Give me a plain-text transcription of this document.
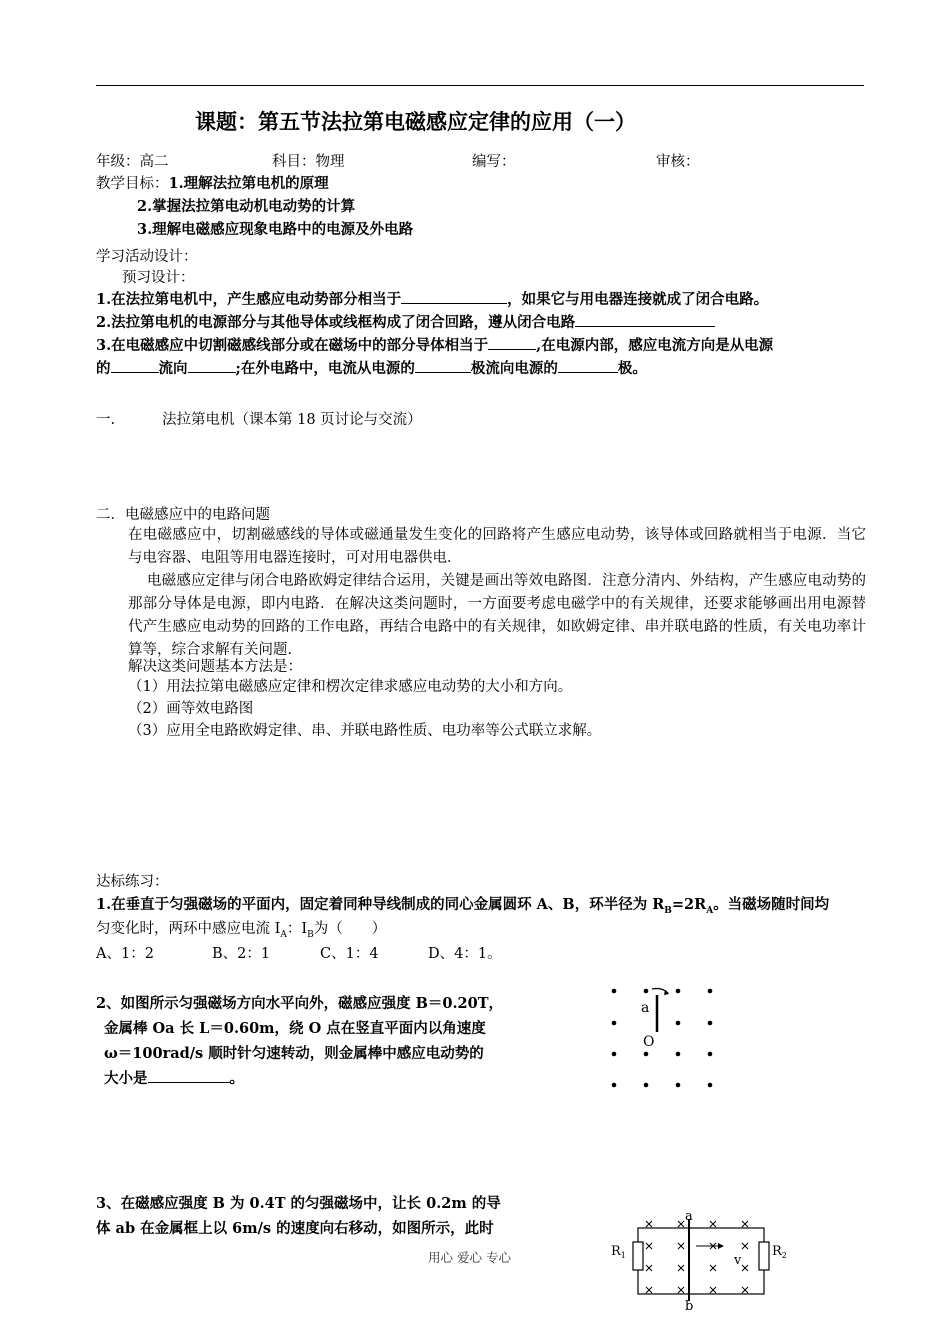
课题：第五节法拉第电磁感应定律的应用（一）
年级：高二	科目：物理	编写：	审核：
教学目标：1.理解法拉第电机的原理
2.掌握法拉第电动机电动势的计算
3.理解电磁感应现象电路中的电源及外电路
学习活动设计：
预习设计：
1.在法拉第电机中，产生感应电动势部分相当于	，如果它与用电器连接就成了闭合电路。
2.法拉第电机的电源部分与其他导体或线框构成了闭合回路，遵从闭合电路
3.在电磁感应中切割磁感线部分或在磁场中的部分导体相当于	,在电源内部，感应电流方向是从电源
的	流向	;在外电路中，电流从电源的	极流向电源的	极。
一.	法拉第电机（课本第 18 页讨论与交流）
二．电磁感应中的电路问题
在电磁感应中，切割磁感线的导体或磁通量发生变化的回路将产生感应电动势，该导体或回路就相当于电源．当它与电容器、电阻等用电器连接时，可对用电器供电．
电磁感应定律与闭合电路欧姆定律结合运用，关键是画出等效电路图．注意分清内、外结构，产生感应电动势的那部分导体是电源，即内电路．在解决这类问题时，一方面要考虑电磁学中的有关规律，还要求能够画出用电源替代产生感应电动势的回路的工作电路，再结合电路中的有关规律，如欧姆定律、串并联电路的性质，有关电功率计算等，综合求解有关问题．
解决这类问题基本方法是：
（1）用法拉第电磁感应定律和楞次定律求感应电动势的大小和方向。
（2）画等效电路图
（3）应用全电路欧姆定律、串、并联电路性质、电功率等公式联立求解。
达标练习：
1.在垂直于匀强磁场的平面内，固定着同种导线制成的同心金属圆环 A、B，环半径为 $R_B=2R_A$。当磁场随时间均
匀变化时，两环中感应电流 $I_A$：$I_B$为（　　）
A、1：2	B、2：1	C、1：4	D、4：1。
2、如图所示匀强磁场方向水平向外，磁感应强度 B＝0.20T，
金属棒 Oa 长 L＝0.60m，绕 O 点在竖直平面内以角速度
ω＝100rad/s 顺时针匀速转动，则金属棒中感应电动势的
大小是	。
a
O
3、在磁感应强度 B 为 0.4T 的匀强磁场中，让长 0.2m 的导
体 ab 在金属框上以 6m/s 的速度向右移动，如图所示，此时
a
b
$R_1$	$R_2$
v
用心 爱心 专心
